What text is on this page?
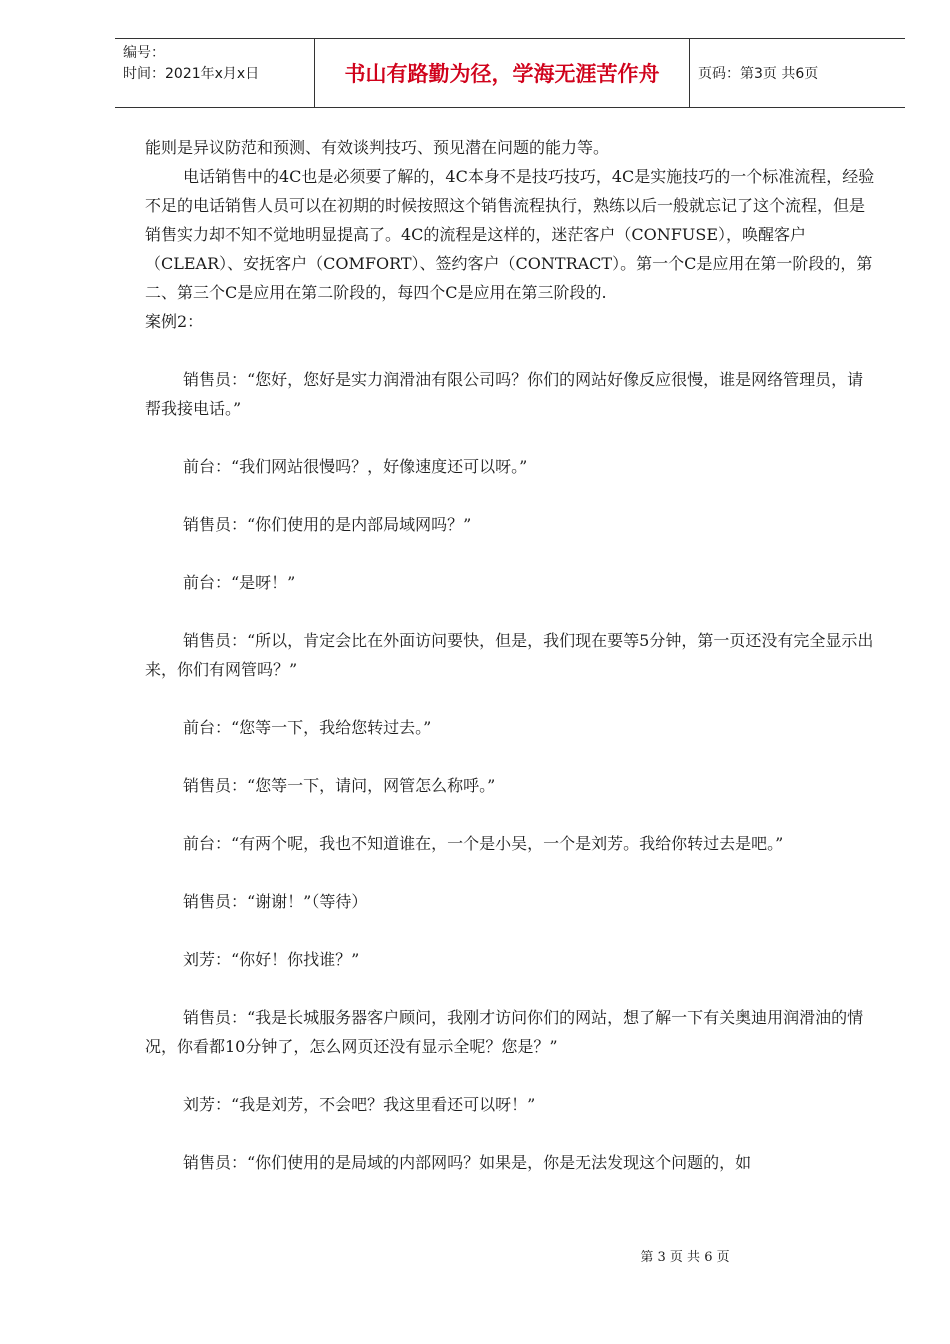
编号：
时间：2021年x月x日	书山有路勤为径，学海无涯苦作舟	页码：第3页 共6页

能则是异议防范和预测、有效谈判技巧、预见潜在问题的能力等。

电话销售中的4C也是必须要了解的，4C本身不是技巧技巧，4C是实施技巧的一个标准流程，经验不足的电话销售人员可以在初期的时候按照这个销售流程执行，熟练以后一般就忘记了这个流程，但是销售实力却不知不觉地明显提高了。4C的流程是这样的，迷茫客户（CONFUSE），唤醒客户（CLEAR）、安抚客户（COMFORT）、签约客户（CONTRACT）。第一个C是应用在第一阶段的，第二、第三个C是应用在第二阶段的，每四个C是应用在第三阶段的.

案例2：

销售员：“您好，您好是实力润滑油有限公司吗？你们的网站好像反应很慢，谁是网络管理员，请帮我接电话。”

前台：“我们网站很慢吗？，好像速度还可以呀。”

销售员：“你们使用的是内部局域网吗？”

前台：“是呀！”

销售员：“所以，肯定会比在外面访问要快，但是，我们现在要等5分钟，第一页还没有完全显示出来，你们有网管吗？”

前台：“您等一下，我给您转过去。”

销售员：“您等一下，请问，网管怎么称呼。”

前台：“有两个呢，我也不知道谁在，一个是小吴，一个是刘芳。我给你转过去是吧。”

销售员：“谢谢！”（等待）

刘芳：“你好！你找谁？”

销售员：“我是长城服务器客户顾问，我刚才访问你们的网站，想了解一下有关奥迪用润滑油的情况，你看都10分钟了，怎么网页还没有显示全呢？您是？”

刘芳：“我是刘芳，不会吧？我这里看还可以呀！”

销售员：“你们使用的是局域的内部网吗？如果是，你是无法发现这个问题的，如

第 3 页 共 6 页
